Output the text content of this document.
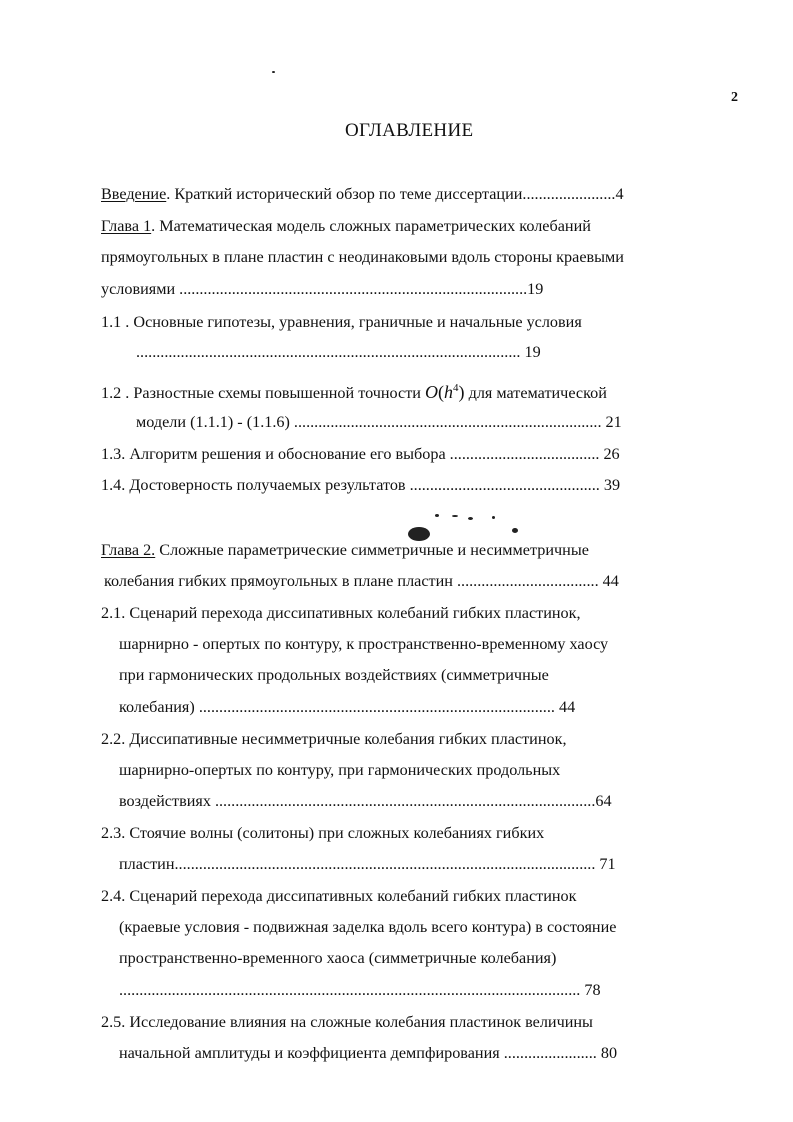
2
ОГЛАВЛЕНИЕ
Введение. Краткий исторический обзор по теме диссертации.......................4
Глава 1. Математическая модель сложных параметрических колебаний
прямоугольных в плане пластин с неодинаковыми вдоль стороны краевыми
условиями ......................................................................................19
1.1 . Основные гипотезы, уравнения, граничные и начальные условия
............................................................................................... 19
1.2 . Разностные схемы повышенной точности $O(h^4)$ для математической
модели (1.1.1) - (1.1.6) ............................................................................ 21
1.3. Алгоритм решения и обоснование его выбора ..................................... 26
1.4. Достоверность получаемых результатов ............................................... 39
Глава 2. Сложные параметрические симметричные и несимметричные
колебания гибких прямоугольных в плане пластин ................................... 44
2.1. Сценарий перехода диссипативных колебаний гибких пластинок,
шарнирно - опертых по контуру, к пространственно-временному хаосу
при гармонических продольных воздействиях (симметричные
колебания) ........................................................................................ 44
2.2. Диссипативные несимметричные колебания гибких пластинок,
шарнирно-опертых по контуру, при гармонических продольных
воздействиях ..............................................................................................64
2.3. Стоячие волны (солитоны) при сложных колебаниях гибких
пластин........................................................................................................ 71
2.4. Сценарий перехода диссипативных колебаний гибких пластинок
(краевые условия - подвижная заделка вдоль всего контура) в состояние
пространственно-временного хаоса (симметричные колебания)
.................................................................................................................. 78
2.5. Исследование влияния на сложные колебания пластинок величины
начальной амплитуды и коэффициента демпфирования ....................... 80
